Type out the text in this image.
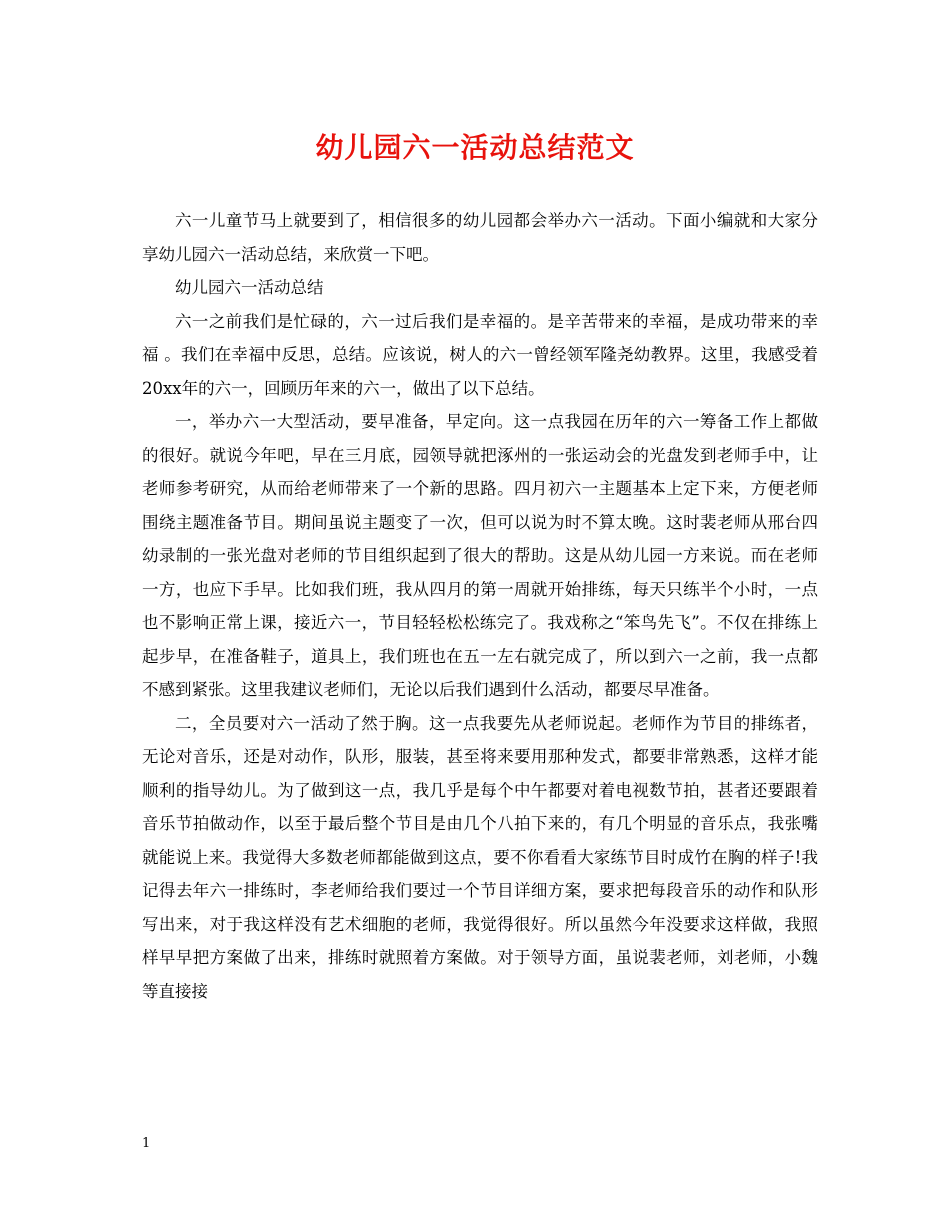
幼儿园六一活动总结范文

六一儿童节马上就要到了，相信很多的幼儿园都会举办六一活动。下面小编就和大家分享幼儿园六一活动总结，来欣赏一下吧。

幼儿园六一活动总结

六一之前我们是忙碌的，六一过后我们是幸福的。是辛苦带来的幸福，是成功带来的幸福 。我们在幸福中反思，总结。应该说，树人的六一曾经领军隆尧幼教界。这里，我感受着20xx年的六一，回顾历年来的六一，做出了以下总结。

一，举办六一大型活动，要早准备，早定向。这一点我园在历年的六一筹备工作上都做的很好。就说今年吧，早在三月底，园领导就把涿州的一张运动会的光盘发到老师手中，让老师参考研究，从而给老师带来了一个新的思路。四月初六一主题基本上定下来，方便老师围绕主题准备节目。期间虽说主题变了一次，但可以说为时不算太晚。这时裴老师从邢台四幼录制的一张光盘对老师的节目组织起到了很大的帮助。这是从幼儿园一方来说。而在老师一方，也应下手早。比如我们班，我从四月的第一周就开始排练，每天只练半个小时，一点也不影响正常上课，接近六一，节目轻轻松松练完了。我戏称之“笨鸟先飞”。不仅在排练上起步早，在准备鞋子，道具上，我们班也在五一左右就完成了，所以到六一之前，我一点都不感到紧张。这里我建议老师们，无论以后我们遇到什么活动，都要尽早准备。

二，全员要对六一活动了然于胸。这一点我要先从老师说起。老师作为节目的排练者，无论对音乐，还是对动作，队形，服装，甚至将来要用那种发式，都要非常熟悉，这样才能顺利的指导幼儿。为了做到这一点，我几乎是每个中午都要对着电视数节拍，甚者还要跟着音乐节拍做动作，以至于最后整个节目是由几个八拍下来的，有几个明显的音乐点，我张嘴就能说上来。我觉得大多数老师都能做到这点，要不你看看大家练节目时成竹在胸的样子!我记得去年六一排练时，李老师给我们要过一个节目详细方案，要求把每段音乐的动作和队形写出来，对于我这样没有艺术细胞的老师，我觉得很好。所以虽然今年没要求这样做，我照样早早把方案做了出来，排练时就照着方案做。对于领导方面，虽说裴老师，刘老师，小魏等直接接

1
